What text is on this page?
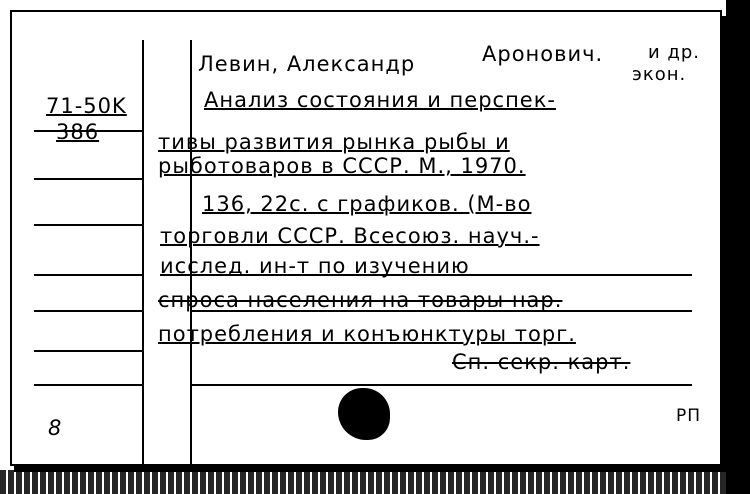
71-50K
386
Левин, Александр	Аронович. и др.
экон.
Анализ состояния и перспек-
тивы развития рынка рыбы и
рыботоваров в СССР. М., 1970.
136, 22с. с графиков. (М-во
торговли СССР. Всесоюз. науч.-
исслед. ин-т по изучению
спроса населения на товары нар.
потребления и конъюнктуры торг.
Сп. секр. карт.
8	РП
